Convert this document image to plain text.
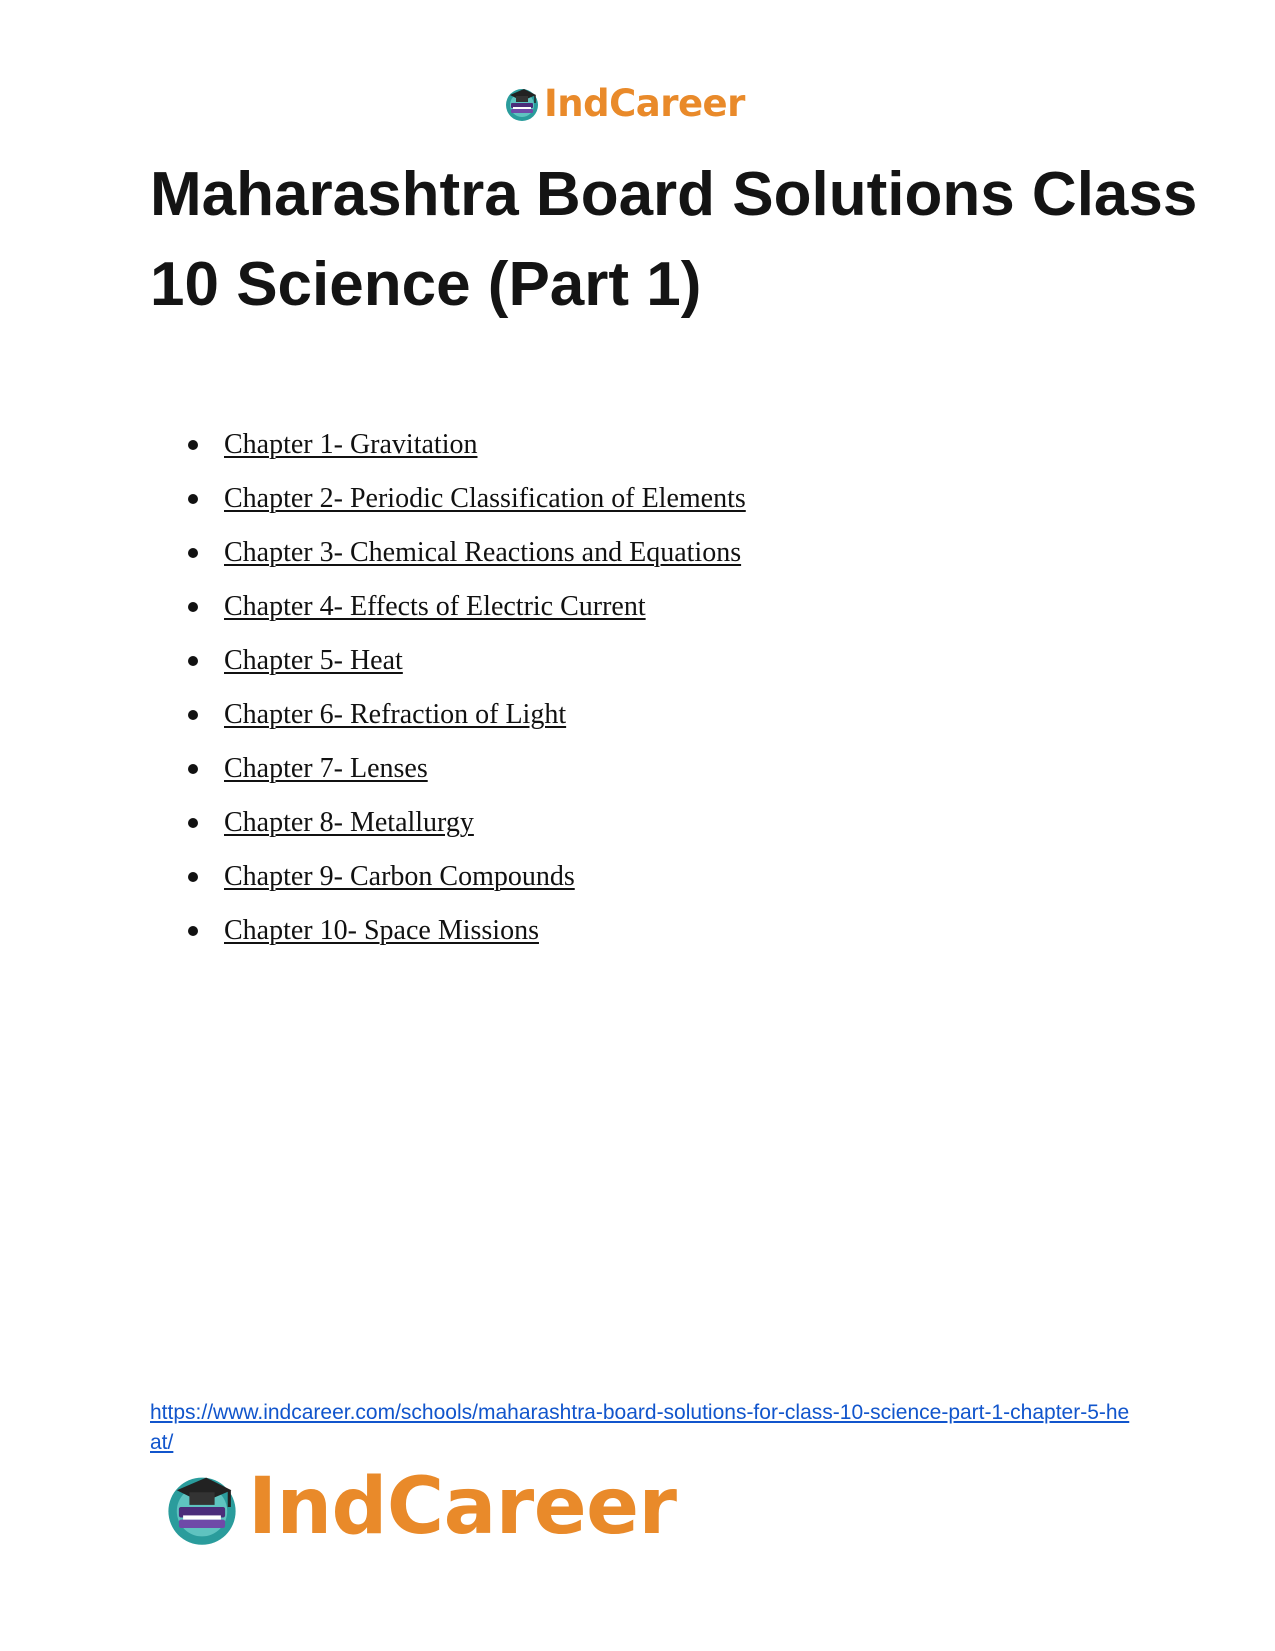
IndCareer
Maharashtra Board Solutions Class 10 Science (Part 1)
Chapter 1- Gravitation
Chapter 2- Periodic Classification of Elements
Chapter 3- Chemical Reactions and Equations
Chapter 4- Effects of Electric Current
Chapter 5- Heat
Chapter 6- Refraction of Light
Chapter 7- Lenses
Chapter 8- Metallurgy
Chapter 9- Carbon Compounds
Chapter 10- Space Missions
https://www.indcareer.com/schools/maharashtra-board-solutions-for-class-10-science-part-1-chapter-5-heat/
IndCareer
